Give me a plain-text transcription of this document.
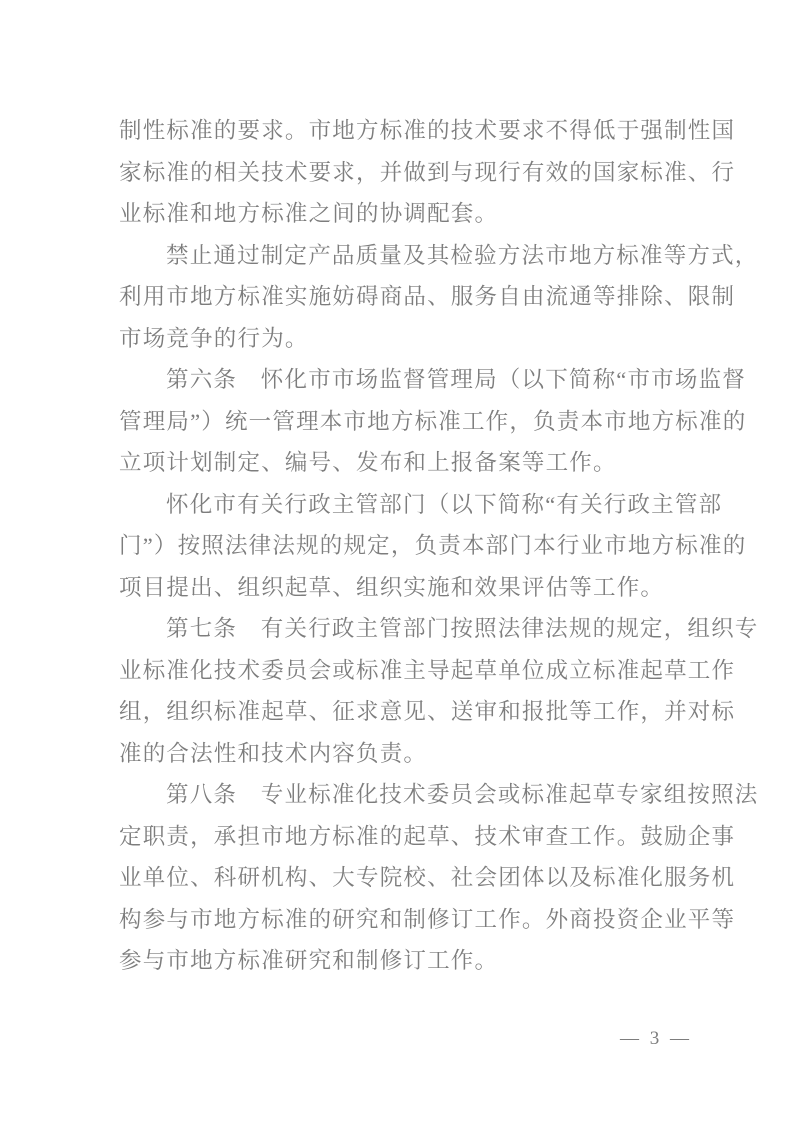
制性标准的要求。市地方标准的技术要求不得低于强制性国
家标准的相关技术要求，并做到与现行有效的国家标准、行
业标准和地方标准之间的协调配套。
禁止通过制定产品质量及其检验方法市地方标准等方式，
利用市地方标准实施妨碍商品、服务自由流通等排除、限制
市场竞争的行为。
第六条　怀化市市场监督管理局（以下简称“市市场监督
管理局”）统一管理本市地方标准工作，负责本市地方标准的
立项计划制定、编号、发布和上报备案等工作。
怀化市有关行政主管部门（以下简称“有关行政主管部
门”）按照法律法规的规定，负责本部门本行业市地方标准的
项目提出、组织起草、组织实施和效果评估等工作。
第七条　有关行政主管部门按照法律法规的规定，组织专
业标准化技术委员会或标准主导起草单位成立标准起草工作
组，组织标准起草、征求意见、送审和报批等工作，并对标
准的合法性和技术内容负责。
第八条　专业标准化技术委员会或标准起草专家组按照法
定职责，承担市地方标准的起草、技术审查工作。鼓励企事
业单位、科研机构、大专院校、社会团体以及标准化服务机
构参与市地方标准的研究和制修订工作。外商投资企业平等
参与市地方标准研究和制修订工作。
— 3 —
